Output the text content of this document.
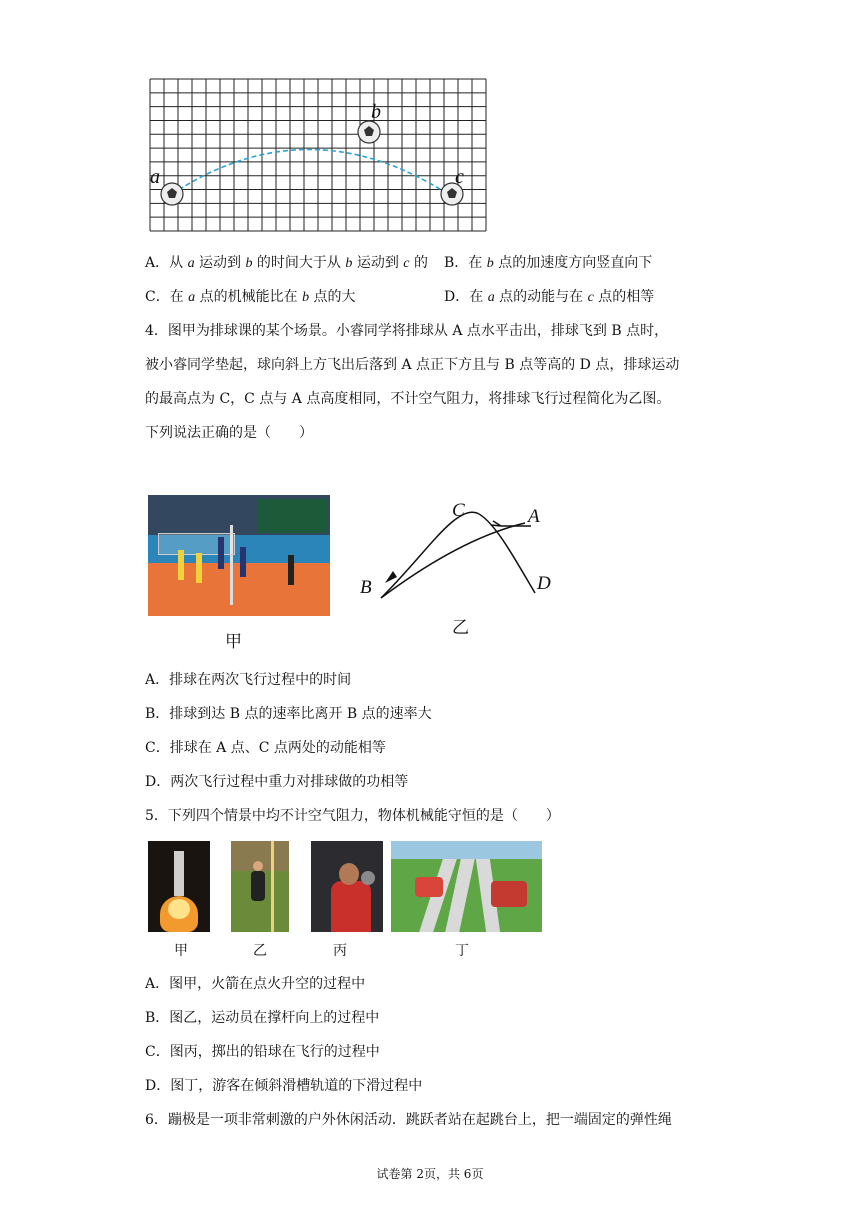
a
b
c
A．从 a 运动到 b 的时间大于从 b 运动到 c 的 B．在 b 点的加速度方向竖直向下
C．在 a 点的机械能比在 b 点的大	D．在 a 点的动能与在 c 点的相等
4．图甲为排球课的某个场景。小睿同学将排球从 A 点水平击出，排球飞到 B 点时，
被小睿同学垫起，球向斜上方飞出后落到 A 点正下方且与 B 点等高的 D 点，排球运动
的最高点为 C，C 点与 A 点高度相同，不计空气阻力，将排球飞行过程简化为乙图。
下列说法正确的是（　　）
甲
C	A
B	D
乙
A．排球在两次飞行过程中的时间
B．排球到达 B 点的速率比离开 B 点的速率大
C．排球在 A 点、C 点两处的动能相等
D．两次飞行过程中重力对排球做的功相等
5．下列四个情景中均不计空气阻力，物体机械能守恒的是（　　）
甲	乙	丙	丁
A．图甲，火箭在点火升空的过程中
B．图乙，运动员在撑杆向上的过程中
C．图丙，掷出的铅球在飞行的过程中
D．图丁，游客在倾斜滑槽轨道的下滑过程中
6．蹦极是一项非常刺激的户外休闲活动．跳跃者站在起跳台上，把一端固定的弹性绳
试卷第 2页，共 6页
